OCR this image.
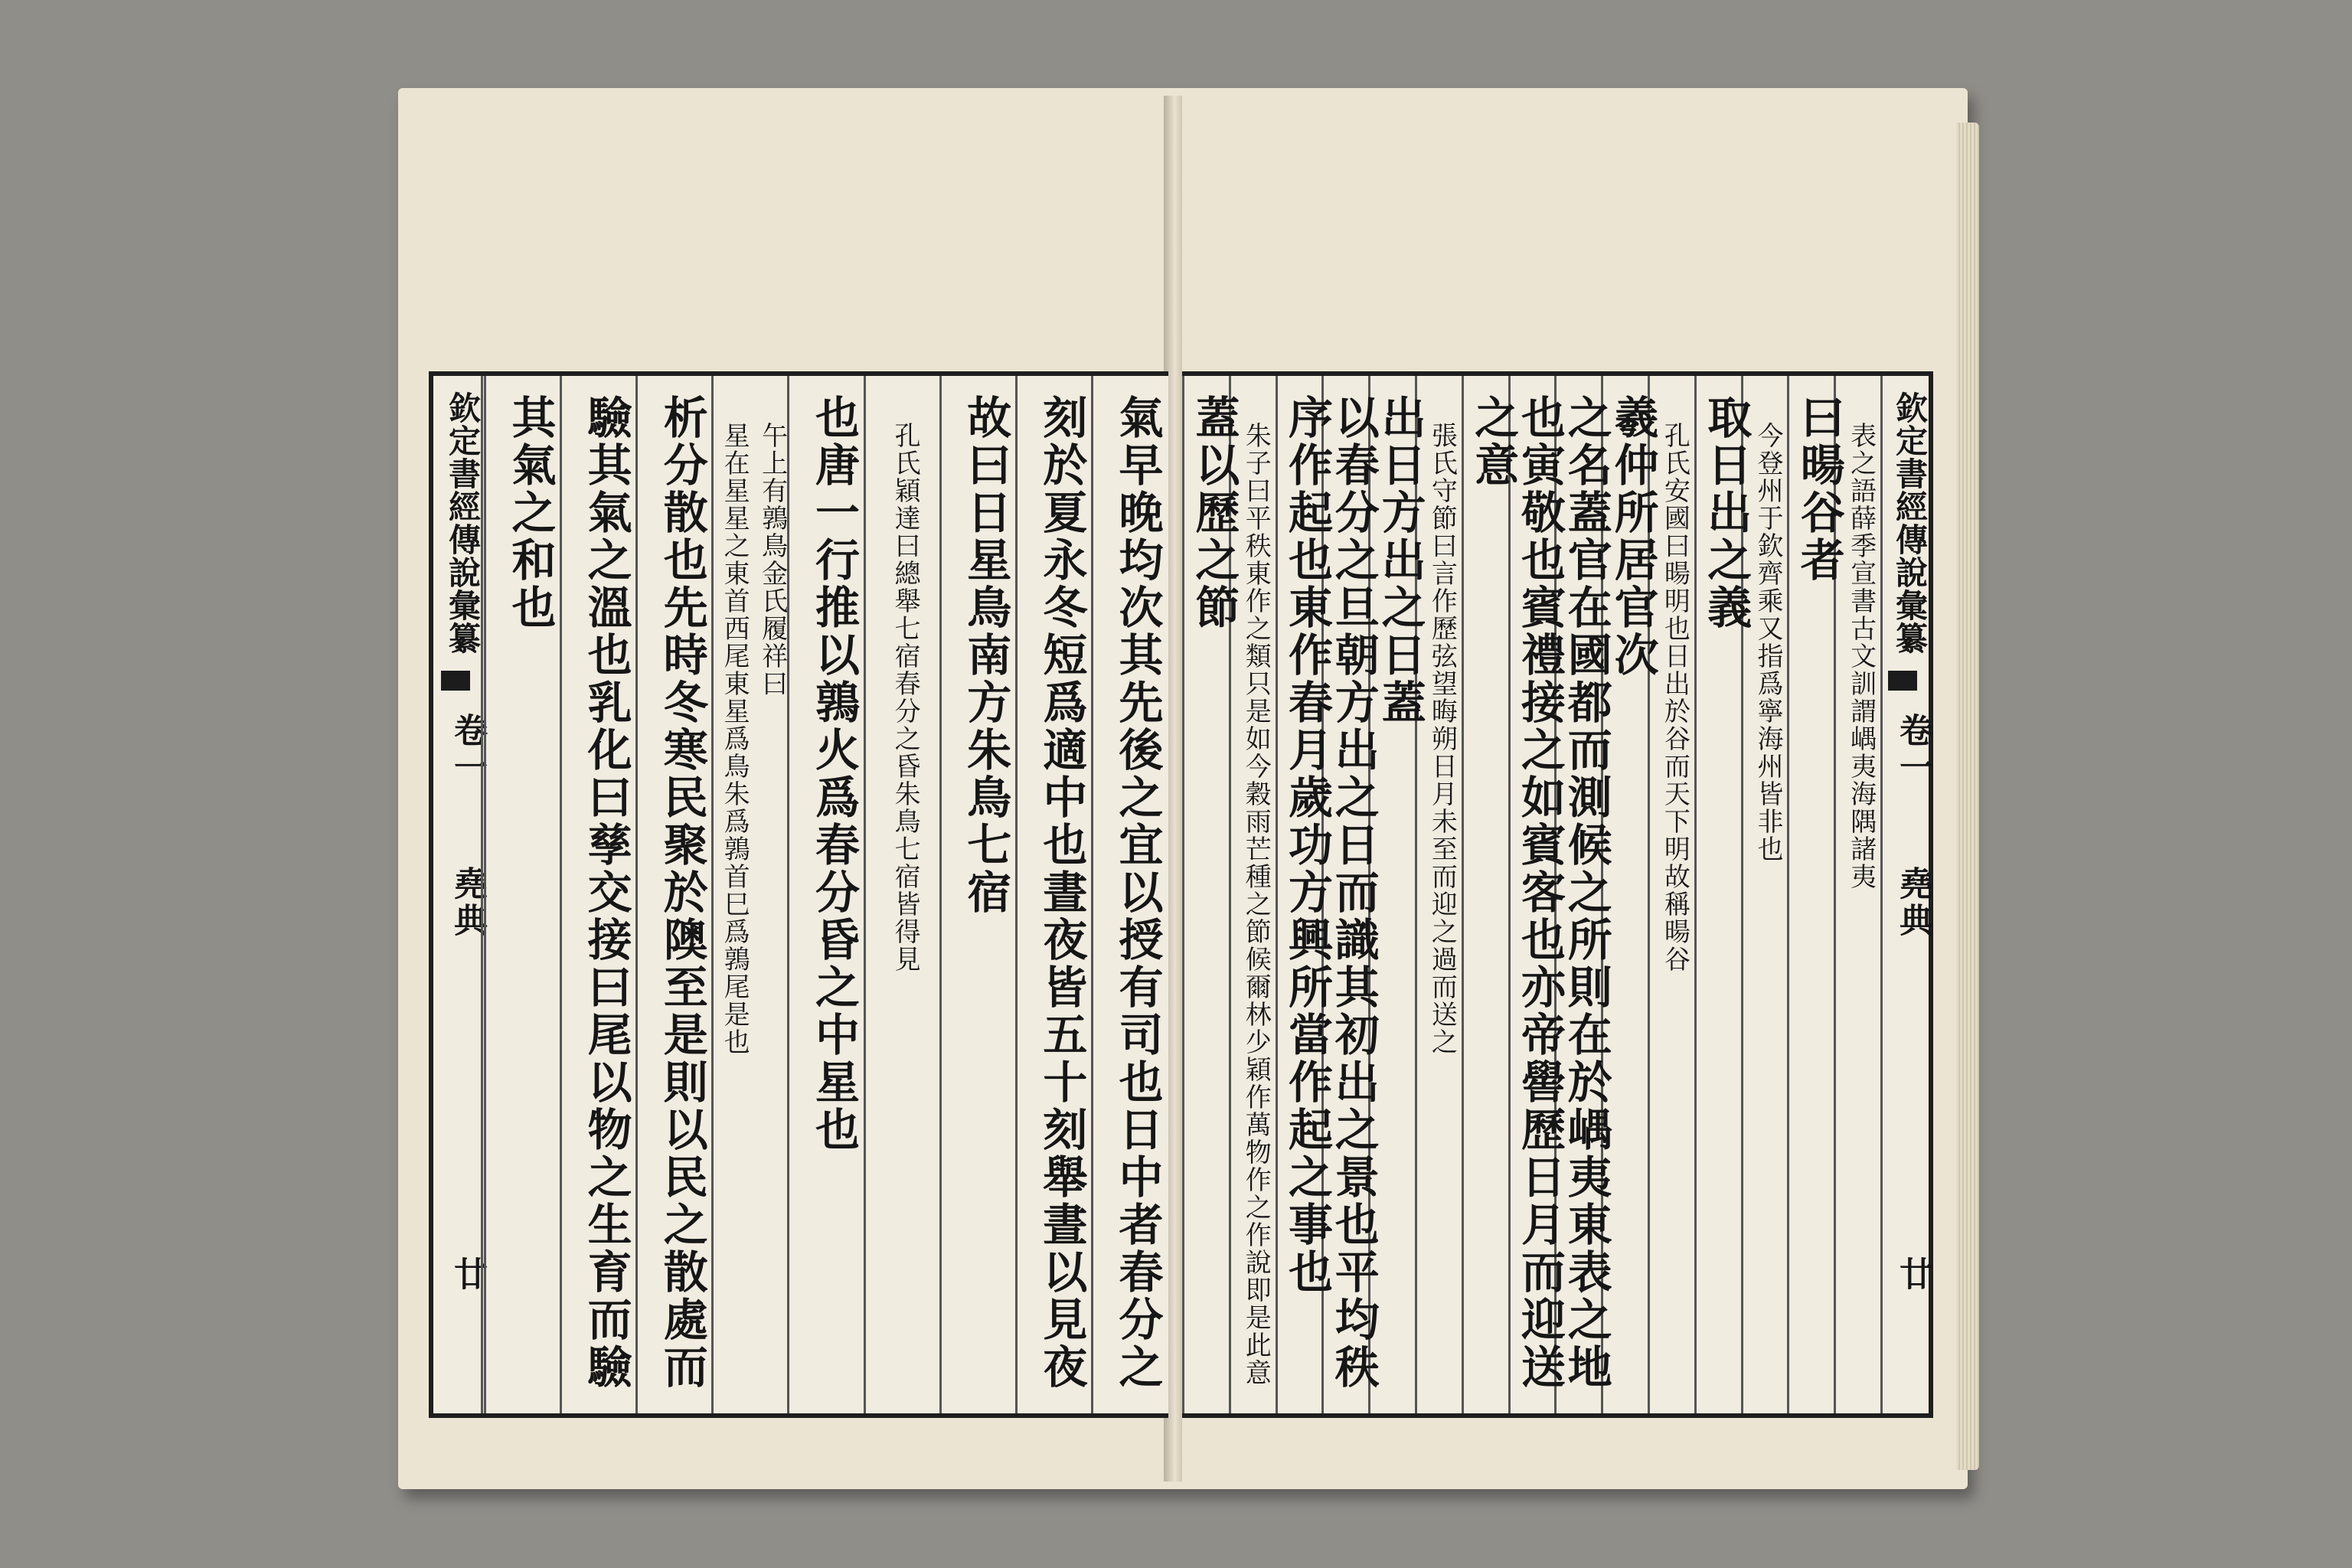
欽定書經傳說彙纂
卷一
堯典
廿	氣早晚均次其先後之宜以授有司也日中者春分之
刻於夏永冬短爲適中也晝夜皆五十刻舉晝以見夜
故曰日星鳥南方朱鳥七宿
孔氏穎達曰總舉七宿春分之昏朱鳥七宿皆得見
也唐一行推以鶉火爲春分昏之中星也
午上有鶉鳥金氏履祥曰
星在星星之東首西尾東星爲鳥朱爲鶉首巳爲鶉尾是也
析分散也先時冬寒民聚於隩至是則以民之散處而
驗其氣之溫也乳化曰孳交接曰尾以物之生育而驗
其氣之和也	表之語薛季宣書古文訓謂嵎夷海隅諸夷
曰暘谷者
今登州于欽齊乘又指爲寧海州皆非也
取日出之義
孔氏安國曰暘明也日出於谷而天下明故稱暘谷
羲仲所居官次
之名蓋官在國都而測候之所則在於嵎夷東表之地
也寅敬也賓禮接之如賓客也亦帝嚳歷日月而迎送
之意
張氏守節曰言作歷弦望晦朔日月未至而迎之過而送之
出日方出之日蓋
以春分之旦朝方出之日而識其初出之景也平均秩
序作起也東作春月歲功方興所當作起之事也
朱子曰平秩東作之類只是如今穀雨芒種之節候爾林少穎作萬物作之作說即是此意
蓋以歷之節	欽定書經傳說彙纂
卷一
堯典
廿
